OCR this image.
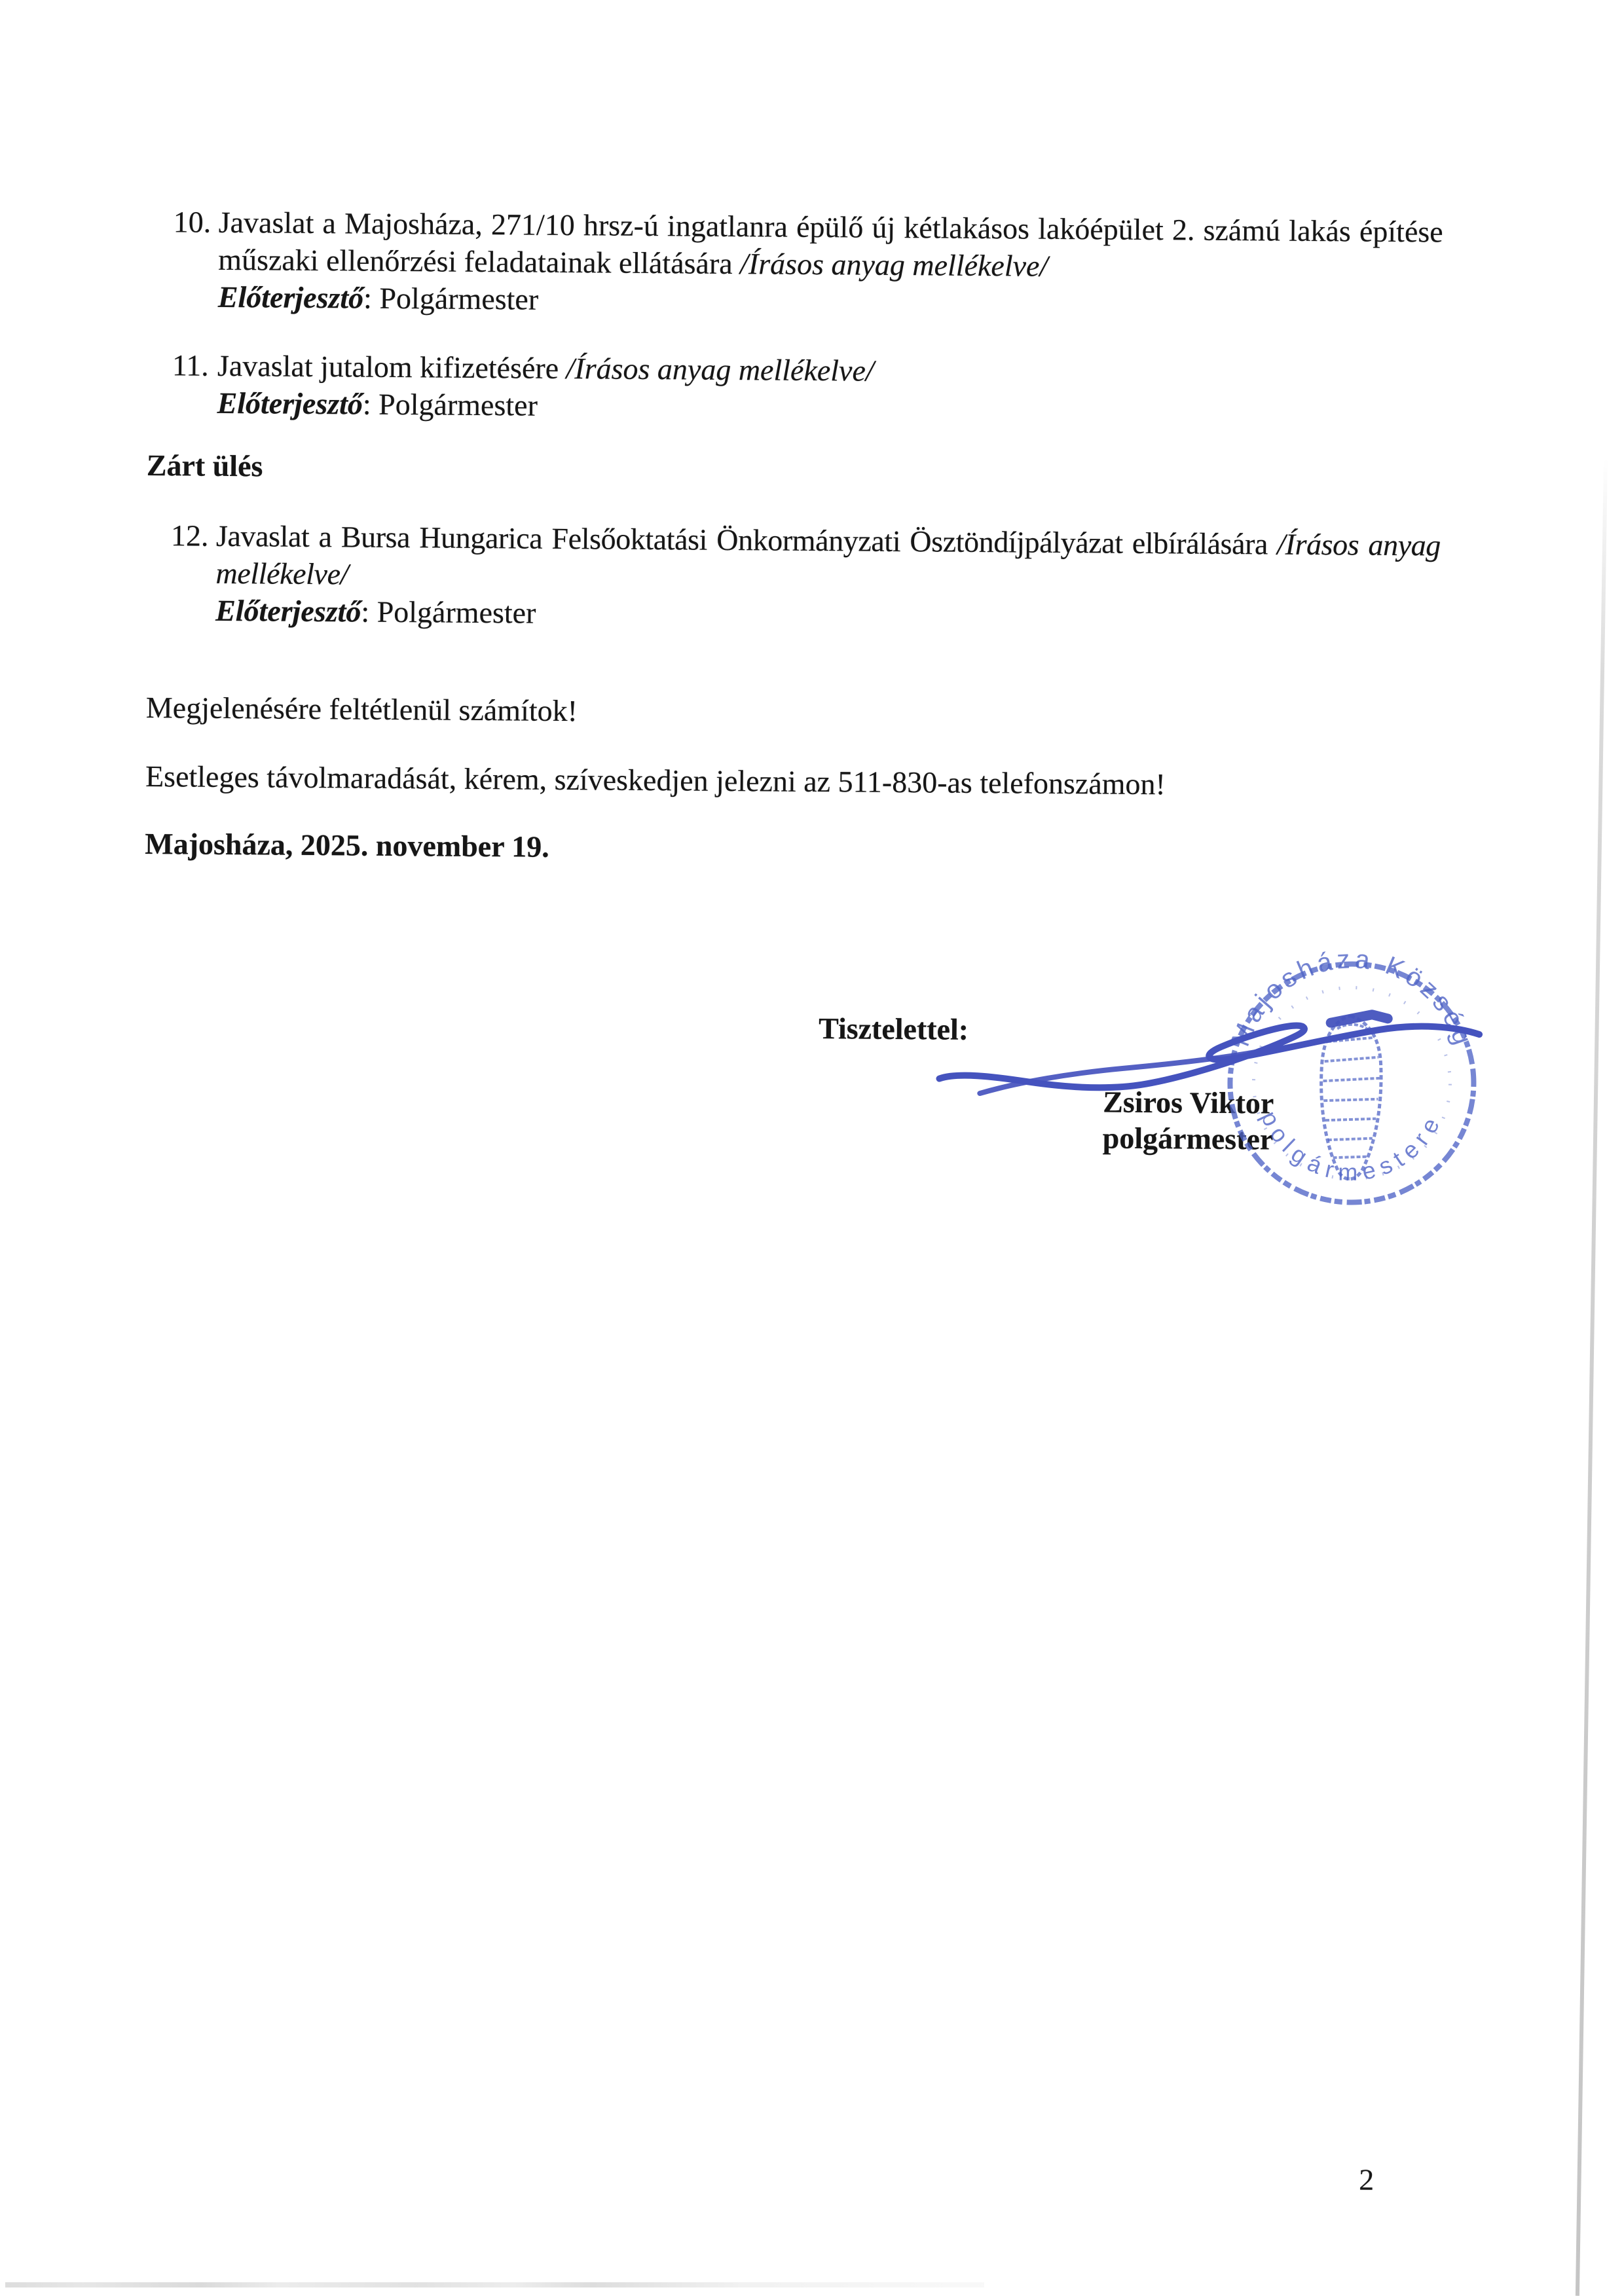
10. Javaslat a Majosháza, 271/10 hrsz-ú ingatlanra épülő új kétlakásos lakóépület 2. számú lakás építése műszaki ellenőrzési feladatainak ellátására /Írásos anyag mellékelve/

Előterjesztő: Polgármester

11. Javaslat jutalom kifizetésére /Írásos anyag mellékelve/

Előterjesztő: Polgármester

Zárt ülés

12. Javaslat a Bursa Hungarica Felsőoktatási Önkormányzati Ösztöndíjpályázat elbírálására /Írásos anyag mellékelve/

Előterjesztő: Polgármester

Megjelenésére feltétlenül számítok!

Esetleges távolmaradását, kérem, szíveskedjen jelezni az 511-830-as telefonszámon!

Majosháza, 2025. november 19.

Tisztelettel:

Zsiros Viktor

polgármester

Majosháza Község
polgármestere

2
